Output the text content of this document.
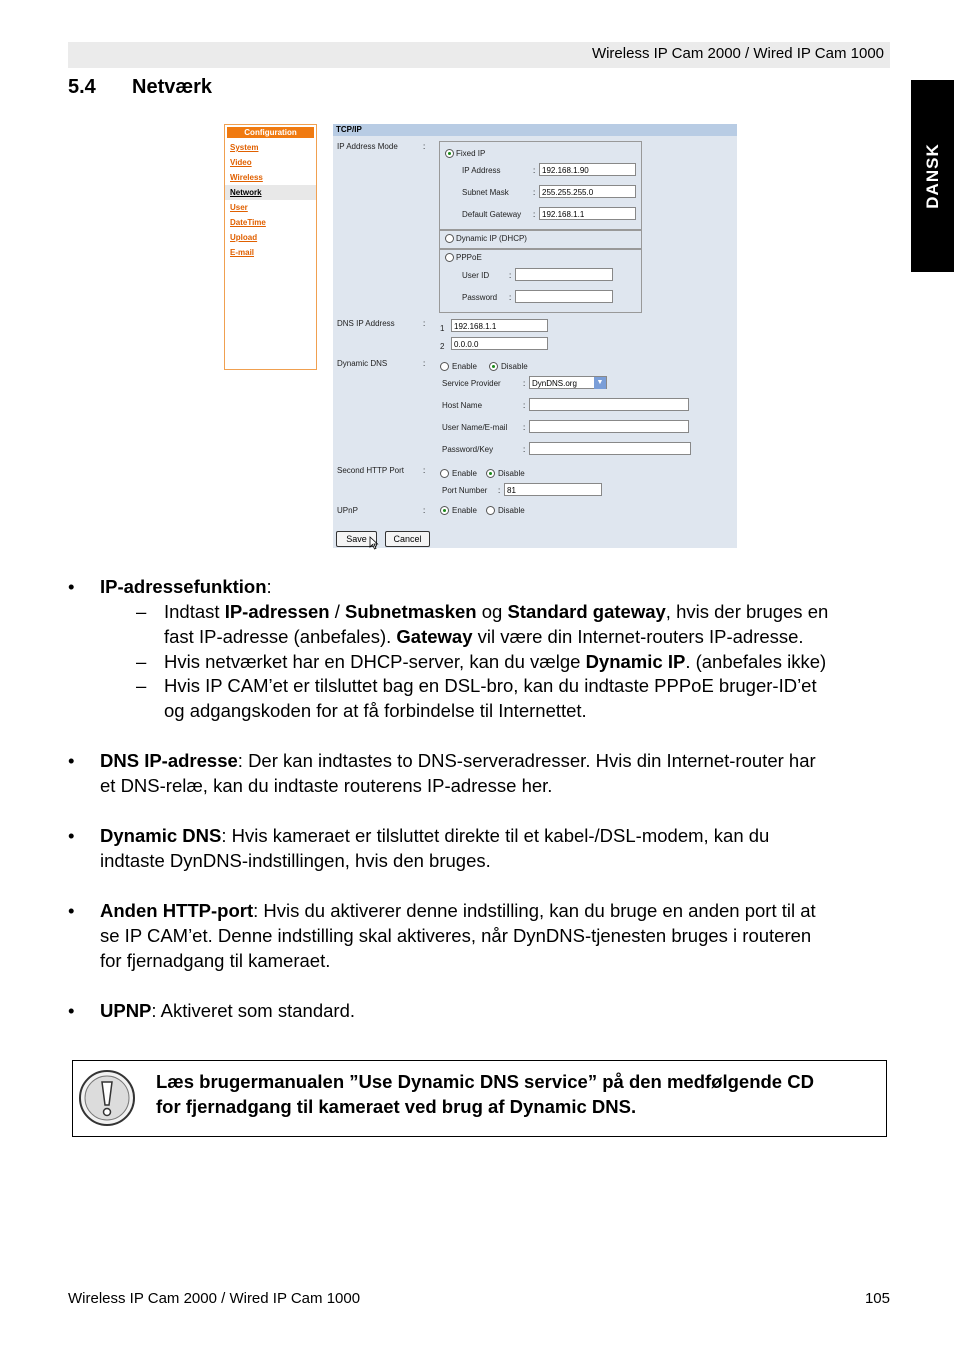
Wireless IP Cam 2000 / Wired IP Cam 1000
DANSK
5.4 Netværk
Configuration
System
Video
Wireless
Network
User
DateTime
Upload
E-mail
TCP/IP
IP Address Mode	:
Fixed IP
IP Address	: 192.168.1.90
Subnet Mask	: 255.255.255.0
Default Gateway : 192.168.1.1
Dynamic IP (DHCP)
PPPoE
User ID :
Password :
DNS IP Address	:
1	192.168.1.1
2	0.0.0.0
Dynamic DNS	:	Enable	Disable
Service Provider	: DynDNS.org	▼
Host Name	:
User Name/E-mail :
Password/Key	:
Second HTTP Port :	Enable	Disable
Port Number : 81
UPnP	:	Enable	Disable
Save	Cancel
• IP-adressefunktion:
– Indtast IP-adressen / Subnetmasken og Standard gateway, hvis der bruges en
fast IP-adresse (anbefales). Gateway vil være din Internet-routers IP-adresse.
– Hvis netværket har en DHCP-server, kan du vælge Dynamic IP. (anbefales ikke)
– Hvis IP CAM’et er tilsluttet bag en DSL-bro, kan du indtaste PPPoE bruger-ID’et
og adgangskoden for at få forbindelse til Internettet.
• DNS IP-adresse: Der kan indtastes to DNS-serveradresser. Hvis din Internet-router har
et DNS-relæ, kan du indtaste routerens IP-adresse her.
• Dynamic DNS: Hvis kameraet er tilsluttet direkte til et kabel-/DSL-modem, kan du
indtaste DynDNS-indstillingen, hvis den bruges.
• Anden HTTP-port: Hvis du aktiverer denne indstilling, kan du bruge en anden port til at
se IP CAM’et. Denne indstilling skal aktiveres, når DynDNS-tjenesten bruges i routeren
for fjernadgang til kameraet.
• UPNP: Aktiveret som standard.
Læs brugermanualen ”Use Dynamic DNS service” på den medfølgende CD
for fjernadgang til kameraet ved brug af Dynamic DNS.
Wireless IP Cam 2000 / Wired IP Cam 1000	105
